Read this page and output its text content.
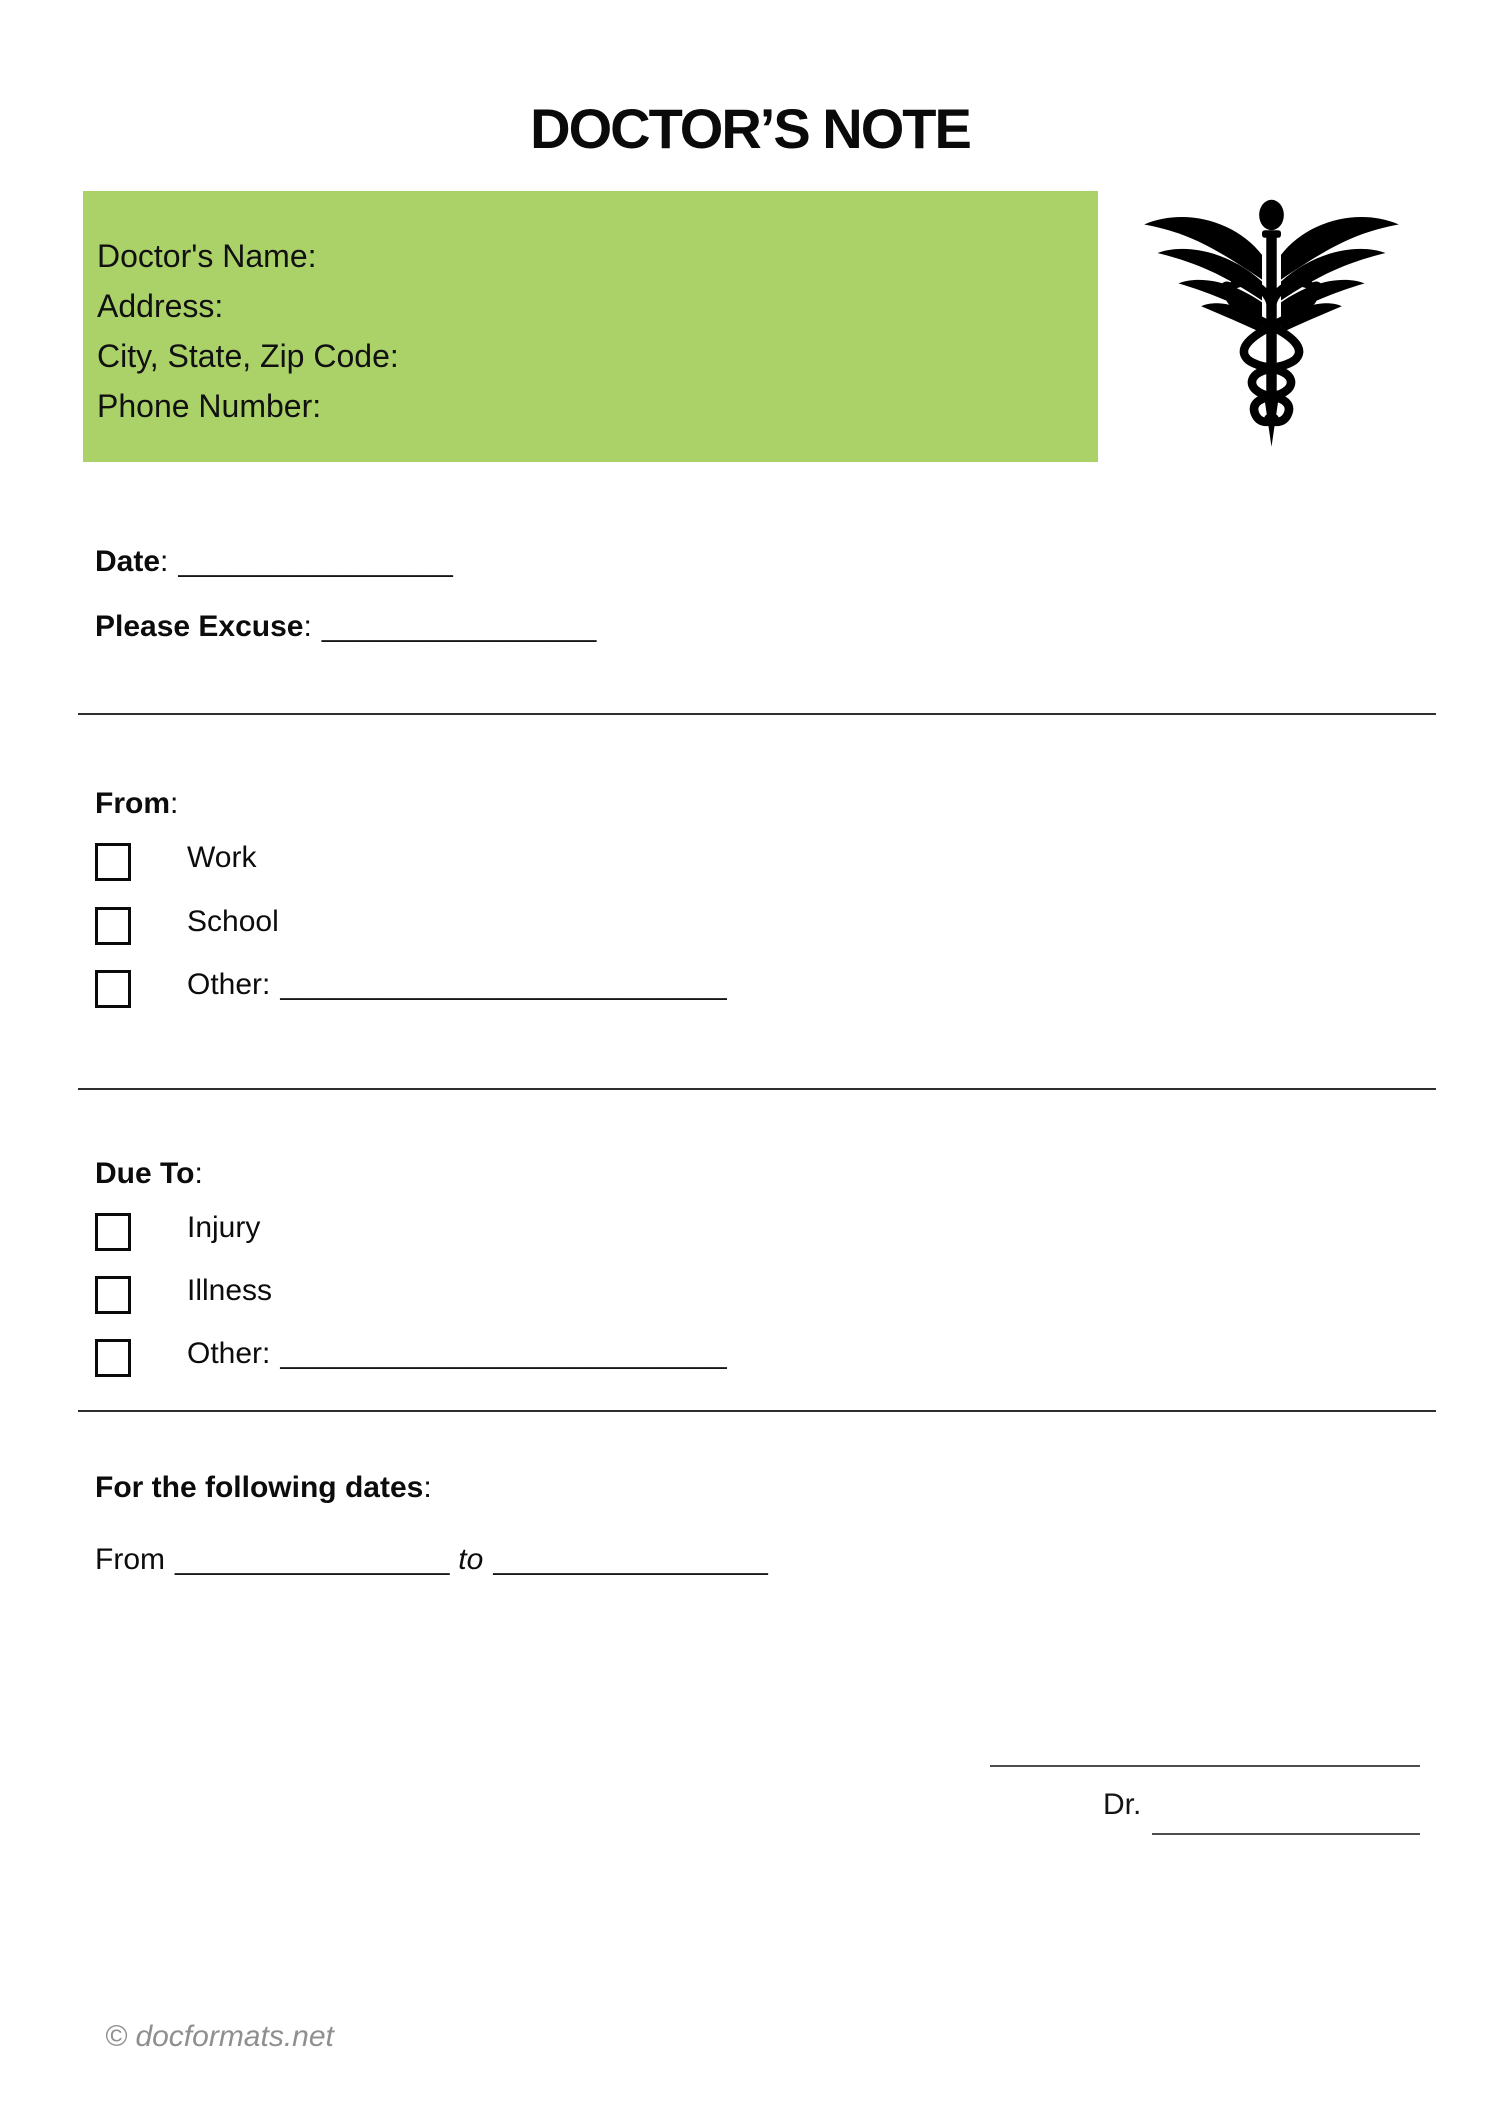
DOCTOR’S NOTE
Doctor's Name:
Address:
City, State, Zip Code:
Phone Number:
Date: ________________
Please Excuse: ________________
From:
Work
School
Other: __________________________
Due To:
Injury
Illness
Other: __________________________
For the following dates:
From ________________ to ________________
Dr.
© docformats.net
